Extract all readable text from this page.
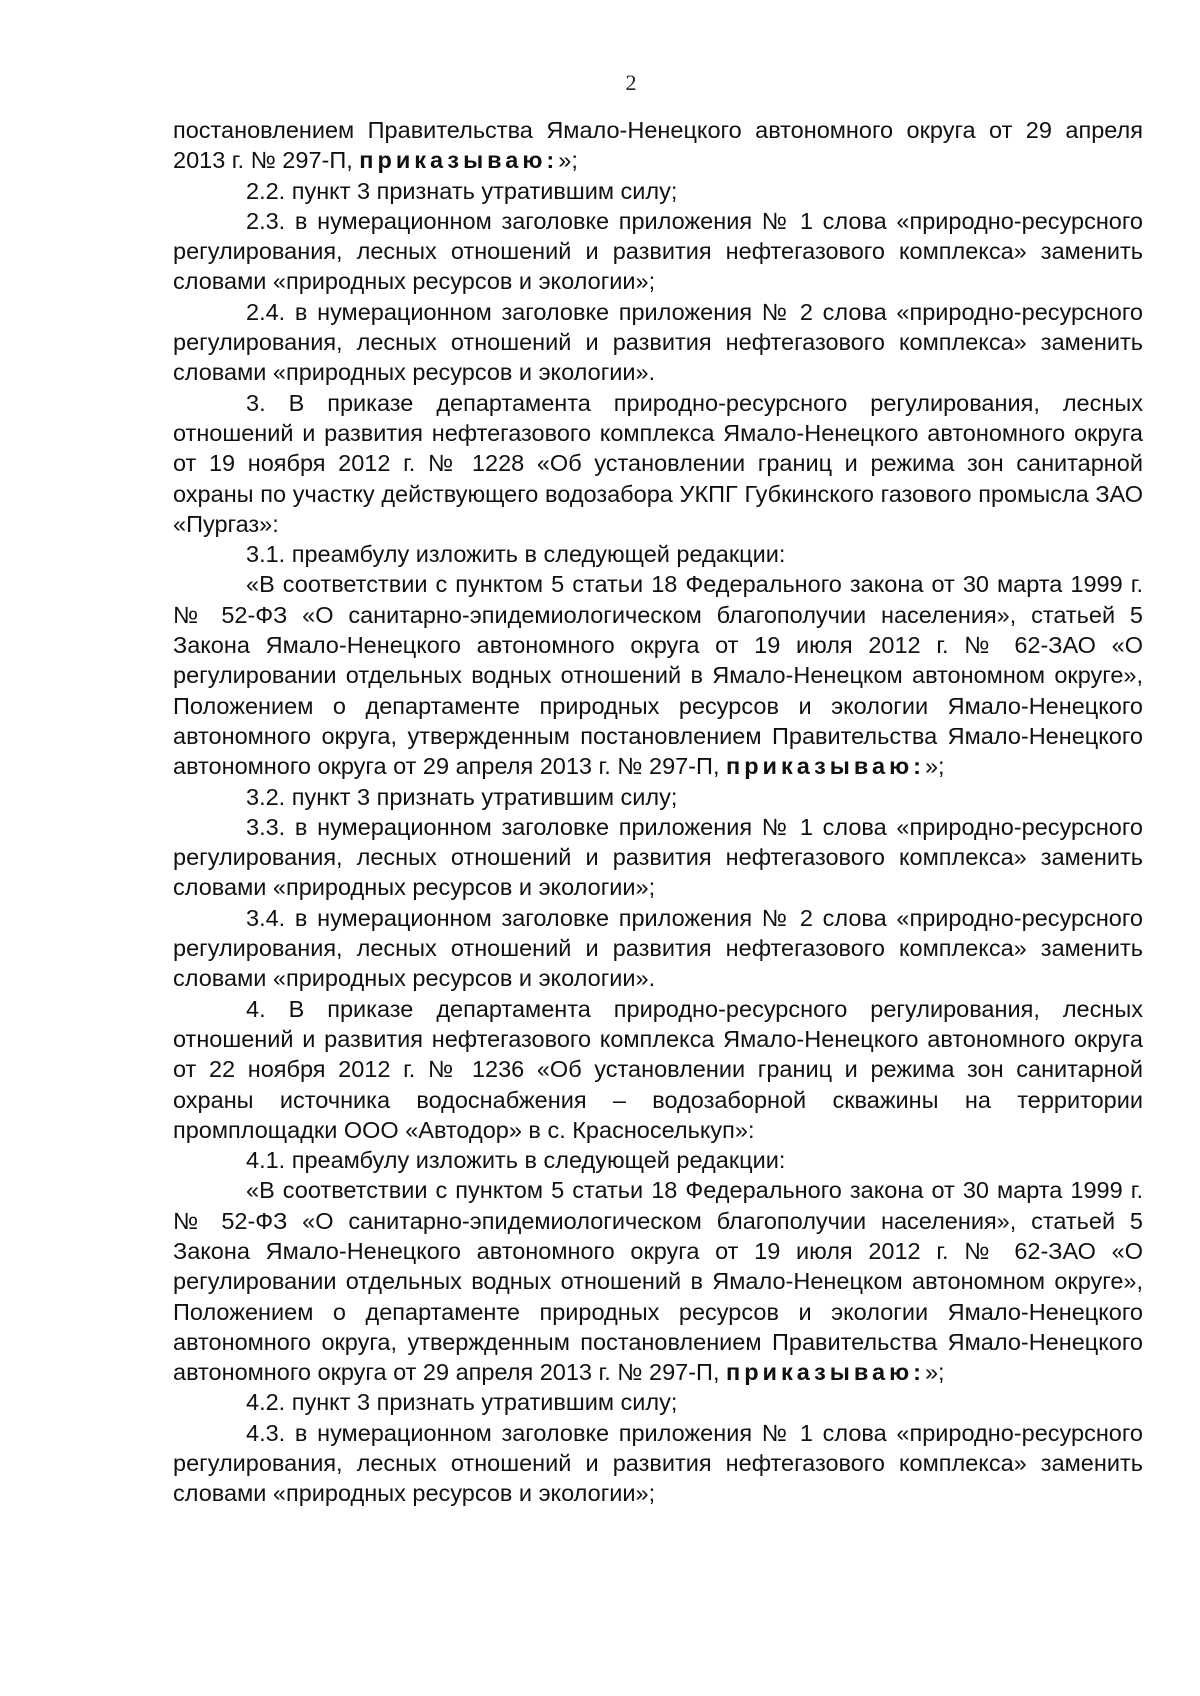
2

постановлением Правительства Ямало-Ненецкого автономного округа от 29 апреля 2013 г. № 297-П, приказываю:»;

2.2. пункт 3 признать утратившим силу;

2.3. в нумерационном заголовке приложения № 1 слова «природно-ресурсного регулирования, лесных отношений и развития нефтегазового комплекса» заменить словами «природных ресурсов и экологии»;

2.4. в нумерационном заголовке приложения № 2 слова «природно-ресурсного регулирования, лесных отношений и развития нефтегазового комплекса» заменить словами «природных ресурсов и экологии».

3. В приказе департамента природно-ресурсного регулирования, лесных отношений и развития нефтегазового комплекса Ямало-Ненецкого автономного округа от 19 ноября 2012 г. № 1228 «Об установлении границ и режима зон санитарной охраны по участку действующего водозабора УКПГ Губкинского газового промысла ЗАО «Пургаз»:

3.1. преамбулу изложить в следующей редакции:

«В соответствии с пунктом 5 статьи 18 Федерального закона от 30 марта 1999 г. № 52-ФЗ «О санитарно-эпидемиологическом благополучии населения», статьей 5 Закона Ямало-Ненецкого автономного округа от 19 июля 2012 г. № 62-ЗАО «О регулировании отдельных водных отношений в Ямало-Ненецком автономном округе», Положением о департаменте природных ресурсов и экологии Ямало-Ненецкого автономного округа, утвержденным постановлением Правительства Ямало-Ненецкого автономного округа от 29 апреля 2013 г. № 297-П, приказываю:»;

3.2. пункт 3 признать утратившим силу;

3.3. в нумерационном заголовке приложения № 1 слова «природно-ресурсного регулирования, лесных отношений и развития нефтегазового комплекса» заменить словами «природных ресурсов и экологии»;

3.4. в нумерационном заголовке приложения № 2 слова «природно-ресурсного регулирования, лесных отношений и развития нефтегазового комплекса» заменить словами «природных ресурсов и экологии».

4. В приказе департамента природно-ресурсного регулирования, лесных отношений и развития нефтегазового комплекса Ямало-Ненецкого автономного округа от 22 ноября 2012 г. № 1236 «Об установлении границ и режима зон санитарной охраны источника водоснабжения – водозаборной скважины на территории промплощадки ООО «Автодор» в с. Красноселькуп»:

4.1. преамбулу изложить в следующей редакции:

«В соответствии с пунктом 5 статьи 18 Федерального закона от 30 марта 1999 г. № 52-ФЗ «О санитарно-эпидемиологическом благополучии населения», статьей 5 Закона Ямало-Ненецкого автономного округа от 19 июля 2012 г. № 62-ЗАО «О регулировании отдельных водных отношений в Ямало-Ненецком автономном округе», Положением о департаменте природных ресурсов и экологии Ямало-Ненецкого автономного округа, утвержденным постановлением Правительства Ямало-Ненецкого автономного округа от 29 апреля 2013 г. № 297-П, приказываю:»;

4.2. пункт 3 признать утратившим силу;

4.3. в нумерационном заголовке приложения № 1 слова «природно-ресурсного регулирования, лесных отношений и развития нефтегазового комплекса» заменить словами «природных ресурсов и экологии»;
